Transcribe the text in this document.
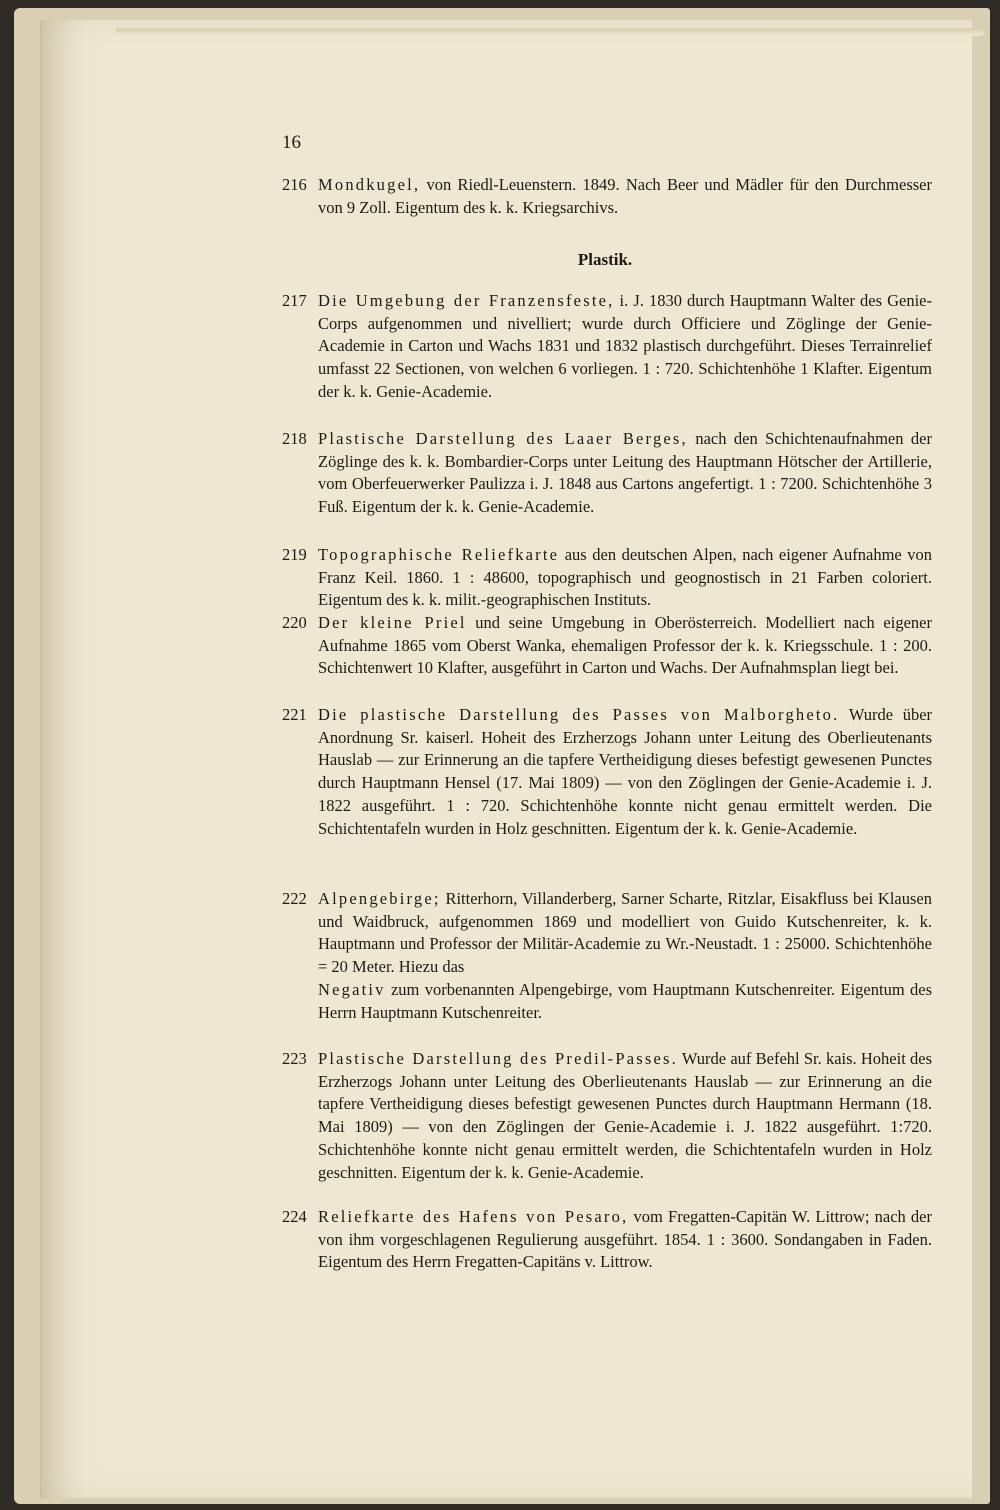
16
216 Mondkugel, von Riedl-Leuenstern. 1849. Nach Beer und Mädler für den Durchmesser von 9 Zoll. Eigentum des k. k. Kriegsarchivs.
Plastik.
217 Die Umgebung der Franzensfeste, i. J. 1830 durch Hauptmann Walter des Genie-Corps aufgenommen und nivelliert; wurde durch Officiere und Zöglinge der Genie-Academie in Carton und Wachs 1831 und 1832 plastisch durchgeführt. Dieses Terrainrelief umfasst 22 Sectionen, von welchen 6 vorliegen. 1 : 720. Schichtenhöhe 1 Klafter. Eigentum der k. k. Genie-Academie.
218 Plastische Darstellung des Laaer Berges, nach den Schichtenaufnahmen der Zöglinge des k. k. Bombardier-Corps unter Leitung des Hauptmann Hötscher der Artillerie, vom Oberfeuerwerker Paulizza i. J. 1848 aus Cartons angefertigt. 1 : 7200. Schichtenhöhe 3 Fuß. Eigentum der k. k. Genie-Academie.
219 Topographische Reliefkarte aus den deutschen Alpen, nach eigener Aufnahme von Franz Keil. 1860. 1 : 48600, topographisch und geognostisch in 21 Farben coloriert. Eigentum des k. k. milit.-geographischen Instituts.
220 Der kleine Priel und seine Umgebung in Oberösterreich. Modelliert nach eigener Aufnahme 1865 vom Oberst Wanka, ehemaligen Professor der k. k. Kriegsschule. 1 : 200. Schichtenwert 10 Klafter, ausgeführt in Carton und Wachs. Der Aufnahmsplan liegt bei.
221 Die plastische Darstellung des Passes von Malborgheto. Wurde über Anordnung Sr. kaiserl. Hoheit des Erzherzogs Johann unter Leitung des Oberlieutenants Hauslab — zur Erinnerung an die tapfere Vertheidigung dieses befestigt gewesenen Punctes durch Hauptmann Hensel (17. Mai 1809) — von den Zöglingen der Genie-Academie i. J. 1822 ausgeführt. 1 : 720. Schichtenhöhe konnte nicht genau ermittelt werden. Die Schichtentafeln wurden in Holz geschnitten. Eigentum der k. k. Genie-Academie.
222 Alpengebirge; Ritterhorn, Villanderberg, Sarner Scharte, Ritzlar, Eisakfluss bei Klausen und Waidbruck, aufgenommen 1869 und modelliert von Guido Kutschenreiter, k. k. Hauptmann und Professor der Militär-Academie zu Wr.-Neustadt. 1 : 25000. Schichtenhöhe = 20 Meter. Hiezu das
Negativ zum vorbenannten Alpengebirge, vom Hauptmann Kutschenreiter. Eigentum des Herrn Hauptmann Kutschenreiter.
223 Plastische Darstellung des Predil-Passes. Wurde auf Befehl Sr. kais. Hoheit des Erzherzogs Johann unter Leitung des Oberlieutenants Hauslab — zur Erinnerung an die tapfere Vertheidigung dieses befestigt gewesenen Punctes durch Hauptmann Hermann (18. Mai 1809) — von den Zöglingen der Genie-Academie i. J. 1822 ausgeführt. 1:720. Schichtenhöhe konnte nicht genau ermittelt werden, die Schichtentafeln wurden in Holz geschnitten. Eigentum der k. k. Genie-Academie.
224 Reliefkarte des Hafens von Pesaro, vom Fregatten-Capitän W. Littrow; nach der von ihm vorgeschlagenen Regulierung ausgeführt. 1854. 1 : 3600. Sondangaben in Faden. Eigentum des Herrn Fregatten-Capitäns v. Littrow.
